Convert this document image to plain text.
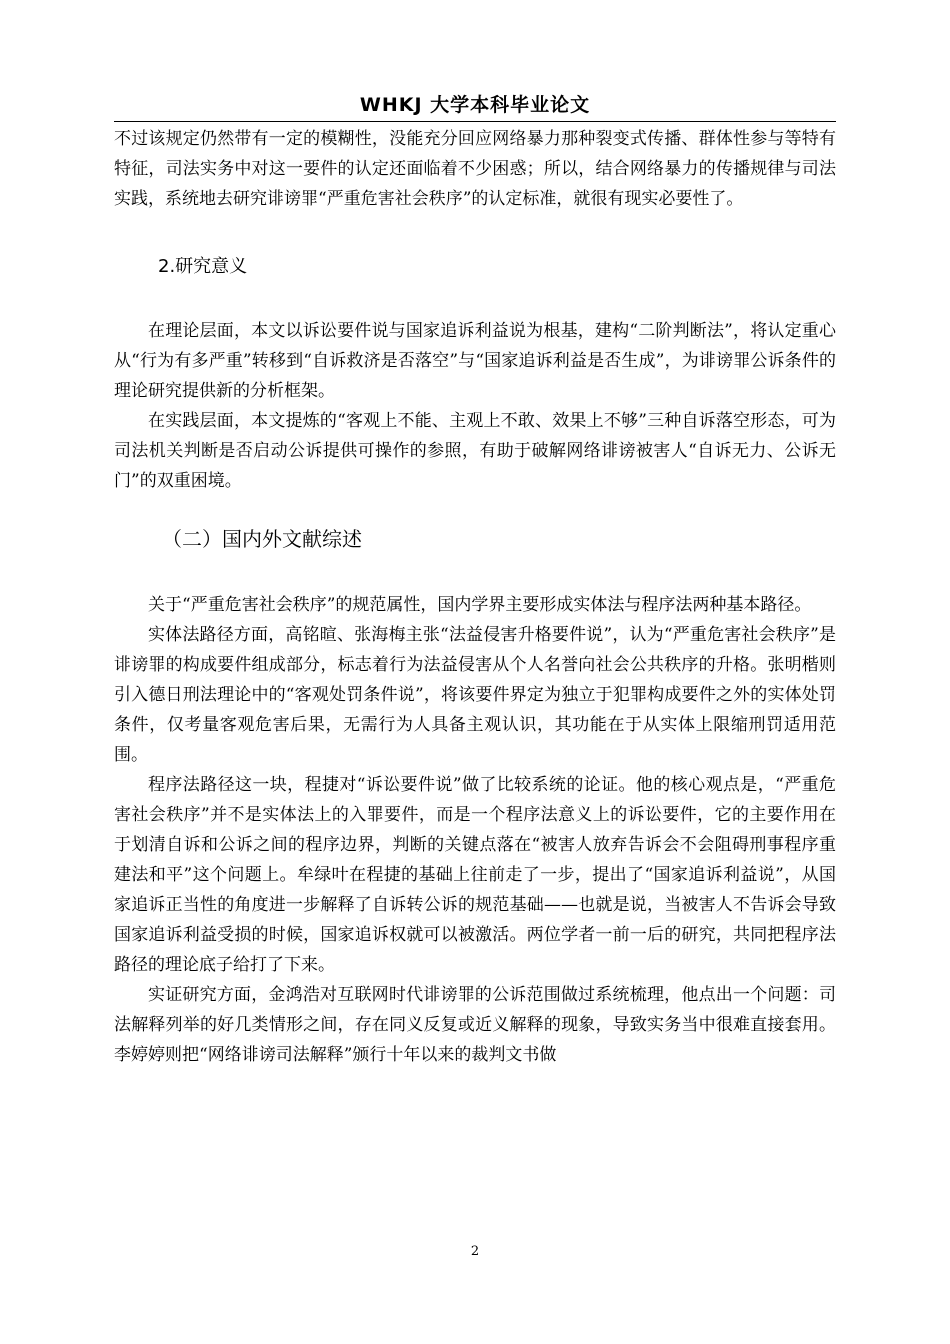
WHKJ 大学本科毕业论文

不过该规定仍然带有一定的模糊性，没能充分回应网络暴力那种裂变式传播、群体性参与等特有特征，司法实务中对这一要件的认定还面临着不少困惑；所以，结合网络暴力的传播规律与司法实践，系统地去研究诽谤罪“严重危害社会秩序”的认定标准，就很有现实必要性了。

2.研究意义

在理论层面，本文以诉讼要件说与国家追诉利益说为根基，建构“二阶判断法”，将认定重心从“行为有多严重”转移到“自诉救济是否落空”与“国家追诉利益是否生成”，为诽谤罪公诉条件的理论研究提供新的分析框架。

在实践层面，本文提炼的“客观上不能、主观上不敢、效果上不够”三种自诉落空形态，可为司法机关判断是否启动公诉提供可操作的参照，有助于破解网络诽谤被害人“自诉无力、公诉无门”的双重困境。

（二）国内外文献综述

关于“严重危害社会秩序”的规范属性，国内学界主要形成实体法与程序法两种基本路径。

实体法路径方面，高铭暄、张海梅主张“法益侵害升格要件说”，认为“严重危害社会秩序”是诽谤罪的构成要件组成部分，标志着行为法益侵害从个人名誉向社会公共秩序的升格。张明楷则引入德日刑法理论中的“客观处罚条件说”，将该要件界定为独立于犯罪构成要件之外的实体处罚条件，仅考量客观危害后果，无需行为人具备主观认识，其功能在于从实体上限缩刑罚适用范围。

程序法路径这一块，程捷对“诉讼要件说”做了比较系统的论证。他的核心观点是，“严重危害社会秩序”并不是实体法上的入罪要件，而是一个程序法意义上的诉讼要件，它的主要作用在于划清自诉和公诉之间的程序边界，判断的关键点落在“被害人放弃告诉会不会阻碍刑事程序重建法和平”这个问题上。牟绿叶在程捷的基础上往前走了一步，提出了“国家追诉利益说”，从国家追诉正当性的角度进一步解释了自诉转公诉的规范基础——也就是说，当被害人不告诉会导致国家追诉利益受损的时候，国家追诉权就可以被激活。两位学者一前一后的研究，共同把程序法路径的理论底子给打了下来。

实证研究方面，金鸿浩对互联网时代诽谤罪的公诉范围做过系统梳理，他点出一个问题：司法解释列举的好几类情形之间，存在同义反复或近义解释的现象，导致实务当中很难直接套用。李婷婷则把“网络诽谤司法解释”颁行十年以来的裁判文书做

2
